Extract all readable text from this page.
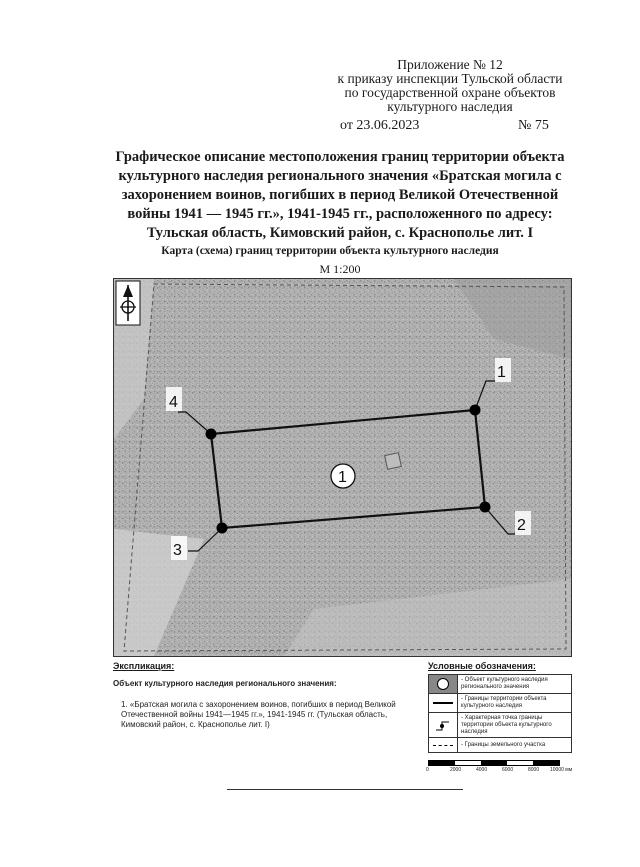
Приложение № 12
к приказу инспекции Тульской области
по государственной охране объектов
культурного наследия
от 23.06.2023	№ 75
Графическое описание местоположения границ территории объекта
культурного наследия регионального значения «Братская могила с
захоронением воинов, погибших в период Великой Отечественной
войны 1941 — 1945 гг.», 1941-1945 гг., расположенного по адресу:
Тульская область, Кимовский район, с. Краснополье лит. I
Карта (схема) границ территории объекта культурного наследия
М 1:200
1
2
3
4
1
Экспликация:
Объект культурного наследия регионального значения:
1. «Братская могила с захоронением воинов, погибших в период Великой
Отечественной войны 1941—1945 гг.», 1941-1945 гг. (Тульская область,
Кимовский район, с. Краснополье лит. I)
Условные обозначения:
- Объект культурного наследия
регионального значения
- Границы территории объекта
культурного наследия
- Характерная точка границы
территории объекта культурного
наследия
- Границы земельного участка
0	2000	4000	6000	8000 10000 мм
